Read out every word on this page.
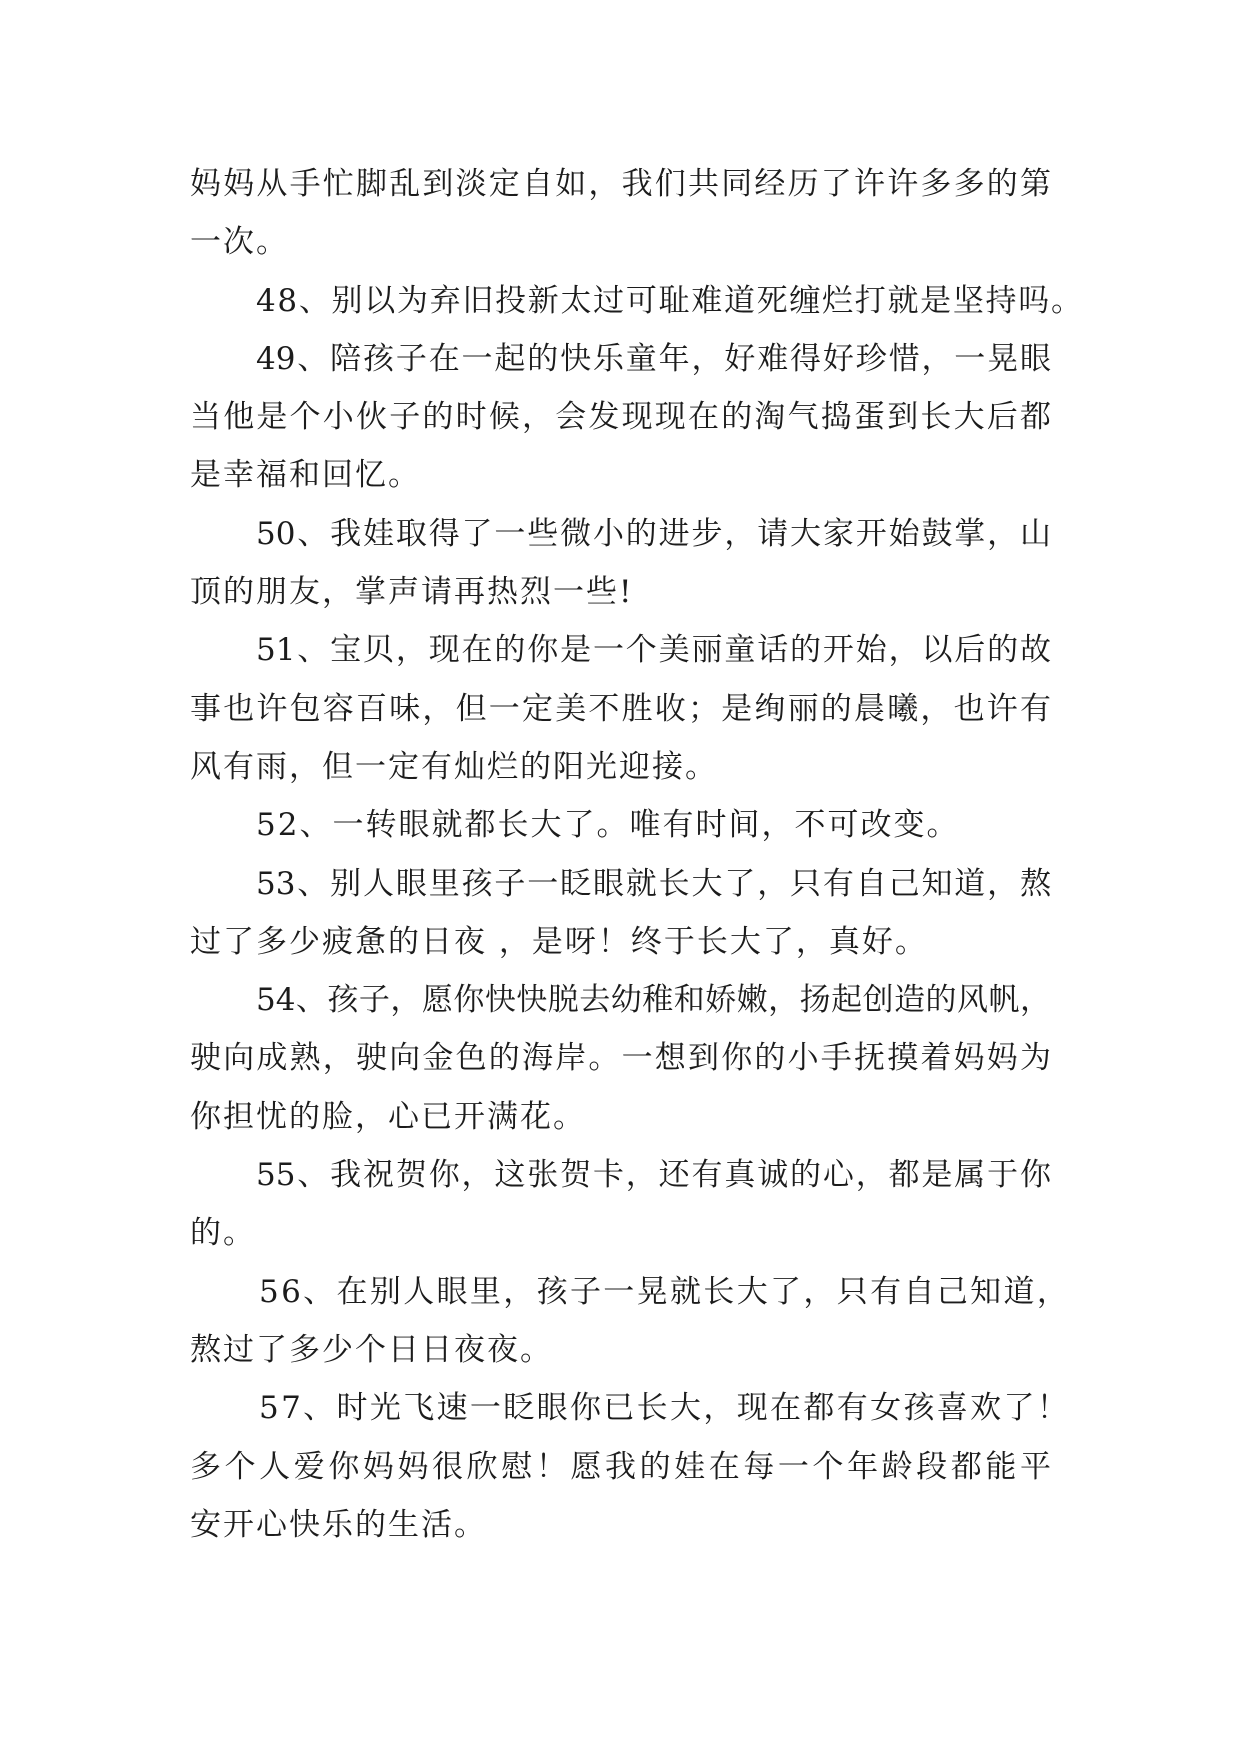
妈妈从手忙脚乱到淡定自如，我们共同经历了许许多多的第
一次。
48、别以为弃旧投新太过可耻难道死缠烂打就是坚持吗。
49、陪孩子在一起的快乐童年，好难得好珍惜，一晃眼
当他是个小伙子的时候，会发现现在的淘气捣蛋到长大后都
是幸福和回忆。
50、我娃取得了一些微小的进步，请大家开始鼓掌，山
顶的朋友，掌声请再热烈一些!
51、宝贝，现在的你是一个美丽童话的开始，以后的故
事也许包容百味，但一定美不胜收；是绚丽的晨曦，也许有
风有雨，但一定有灿烂的阳光迎接。
52、一转眼就都长大了。唯有时间，不可改变。
53、别人眼里孩子一眨眼就长大了，只有自己知道，熬
过了多少疲惫的日夜 ，是呀！终于长大了，真好。
54、孩子，愿你快快脱去幼稚和娇嫩，扬起创造的风帆，
驶向成熟，驶向金色的海岸。一想到你的小手抚摸着妈妈为
你担忧的脸，心已开满花。
55、我祝贺你，这张贺卡，还有真诚的心，都是属于你
的。
56、在别人眼里，孩子一晃就长大了，只有自己知道，
熬过了多少个日日夜夜。
57、时光飞速一眨眼你已长大，现在都有女孩喜欢了！
多个人爱你妈妈很欣慰！愿我的娃在每一个年龄段都能平
安开心快乐的生活。
